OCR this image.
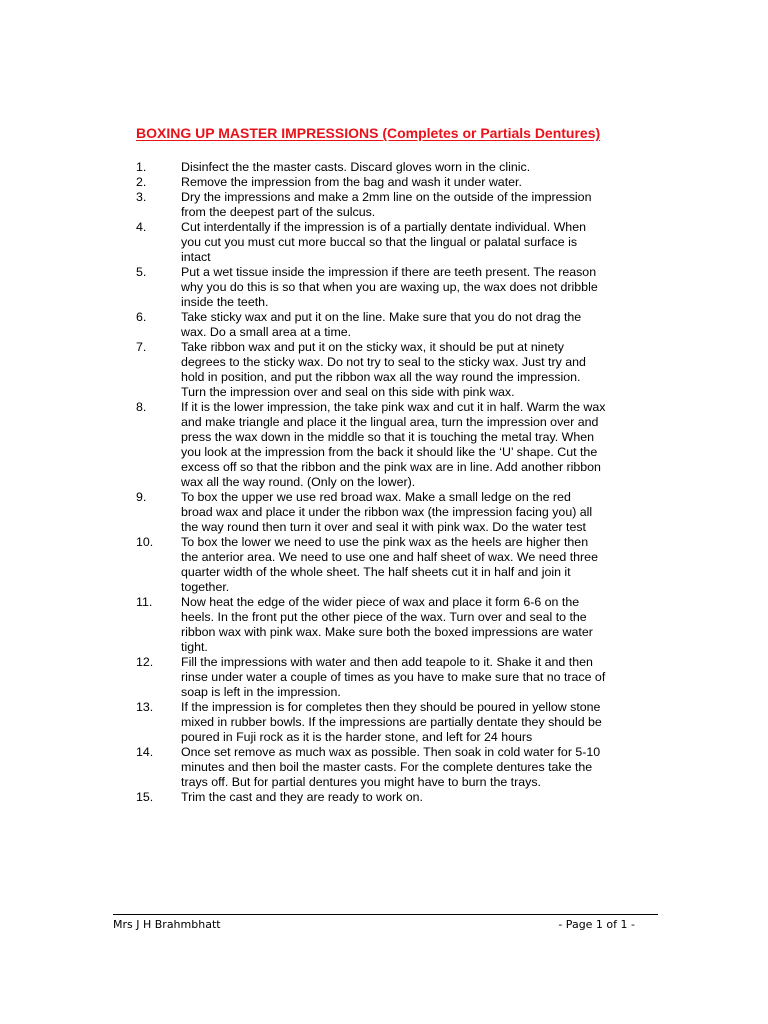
BOXING UP MASTER IMPRESSIONS (Completes or Partials Dentures)
1.	Disinfect the the master casts. Discard gloves worn in the clinic.
2.	Remove the impression from the bag and wash it under water.
3.	Dry the impressions and make a 2mm line on the outside of the impression
from the deepest part of the sulcus.
4.	Cut interdentally if the impression is of a partially dentate individual. When
you cut you must cut more buccal so that the lingual or palatal surface is
intact
5.	Put a wet tissue inside the impression if there are teeth present. The reason
why you do this is so that when you are waxing up, the wax does not dribble
inside the teeth.
6.	Take sticky wax and put it on the line. Make sure that you do not drag the
wax. Do a small area at a time.
7.	Take ribbon wax and put it on the sticky wax, it should be put at ninety
degrees to the sticky wax. Do not try to seal to the sticky wax. Just try and
hold in position, and put the ribbon wax all the way round the impression.
Turn the impression over and seal on this side with pink wax.
8.	If it is the lower impression, the take pink wax and cut it in half. Warm the wax
and make triangle and place it the lingual area, turn the impression over and
press the wax down in the middle so that it is touching the metal tray. When
you look at the impression from the back it should like the ‘U’ shape. Cut the
excess off so that the ribbon and the pink wax are in line. Add another ribbon
wax all the way round. (Only on the lower).
9.	To box the upper we use red broad wax. Make a small ledge on the red
broad wax and place it under the ribbon wax (the impression facing you) all
the way round then turn it over and seal it with pink wax. Do the water test
10.	To box the lower we need to use the pink wax as the heels are higher then
the anterior area. We need to use one and half sheet of wax. We need three
quarter width of the whole sheet. The half sheets cut it in half and join it
together.
11.	Now heat the edge of the wider piece of wax and place it form 6-6 on the
heels. In the front put the other piece of the wax. Turn over and seal to the
ribbon wax with pink wax. Make sure both the boxed impressions are water
tight.
12.	Fill the impressions with water and then add teapole to it. Shake it and then
rinse under water a couple of times as you have to make sure that no trace of
soap is left in the impression.
13.	If the impression is for completes then they should be poured in yellow stone
mixed in rubber bowls. If the impressions are partially dentate they should be
poured in Fuji rock as it is the harder stone, and left for 24 hours
14.	Once set remove as much wax as possible. Then soak in cold water for 5-10
minutes and then boil the master casts. For the complete dentures take the
trays off. But for partial dentures you might have to burn the trays.
15.	Trim the cast and they are ready to work on.
Mrs J H Brahmbhatt	- Page 1 of 1 -
